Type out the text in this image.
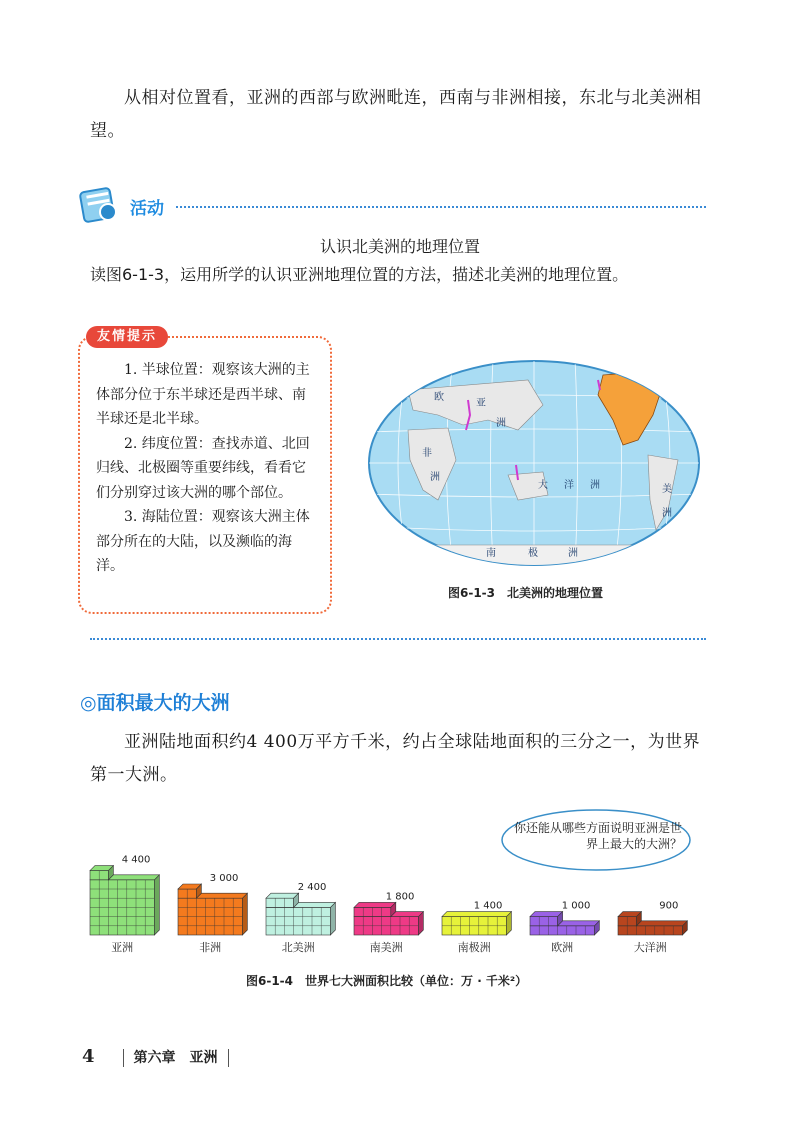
从相对位置看，亚洲的西部与欧洲毗连，西南与非洲相接，东北与北美洲相望。
活动
认识北美洲的地理位置
读图6-1-3，运用所学的认识亚洲地理位置的方法，描述北美洲的地理位置。
友情提示

1. 半球位置：观察该大洲的主体部分位于东半球还是西半球、南半球还是北半球。

2. 纬度位置：查找赤道、北回归线、北极圈等重要纬线，看看它们分别穿过该大洲的哪个部位。

3. 海陆位置：观察该大洲主体部分所在的大陆，以及濒临的海洋。

欧
亚
洲
非
洲
大 洋 洲
南	极	洲
美
洲
图6-1-3　北美洲的地理位置
◎面积最大的大洲
亚洲陆地面积约4 400万平方千米，约占全球陆地面积的三分之一，为世界第一大洲。
你还能从哪些方面说明亚洲是世界上最大的大洲？
4 400
亚洲
3 000
非洲
2 400
北美洲
1 800
南美洲
1 400
南极洲
1 000
欧洲
900
大洋洲
图6-1-4　世界七大洲面积比较（单位：万 · 千米²）
4	第六章　亚洲
